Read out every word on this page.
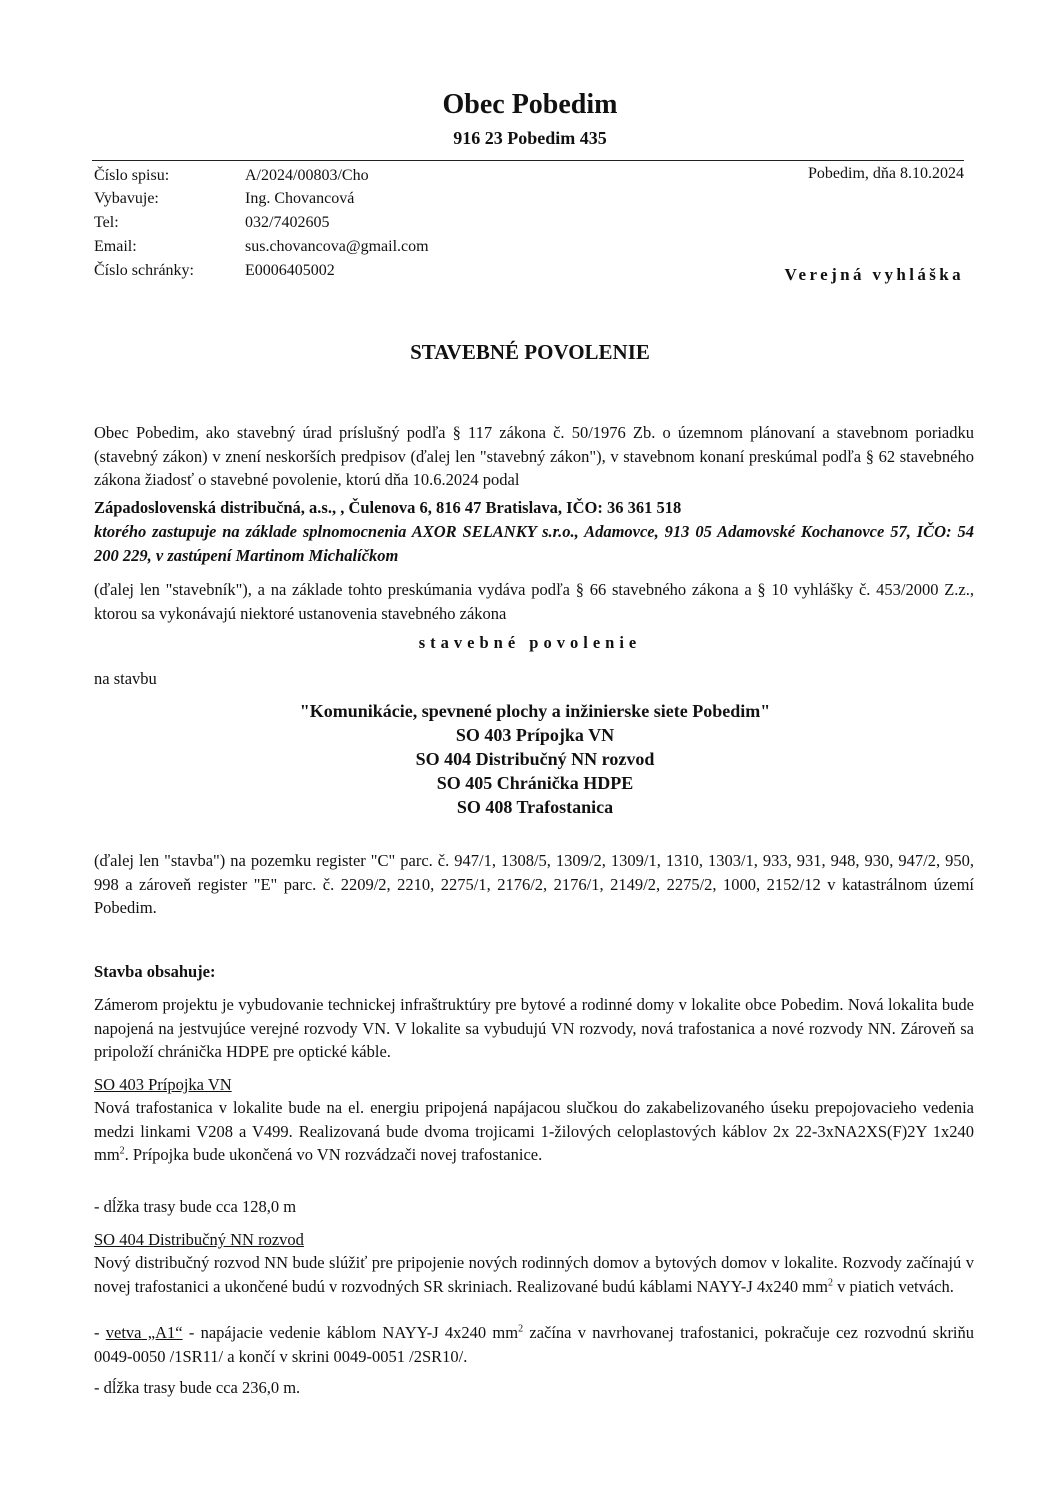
Obec Pobedim
916 23 Pobedim 435
Číslo spisu:	A/2024/00803/Cho
Vybavuje:	Ing. Chovancová
Tel:	032/7402605
Email:	sus.chovancova@gmail.com
Číslo schránky:	E0006405002
Pobedim, dňa 8.10.2024
Verejná vyhláška
STAVEBNÉ POVOLENIE
Obec Pobedim, ako stavebný úrad príslušný podľa § 117 zákona č. 50/1976 Zb. o územnom plánovaní a stavebnom poriadku (stavebný zákon) v znení neskorších predpisov (ďalej len "stavebný zákon"), v stavebnom konaní preskúmal podľa § 62 stavebného zákona žiadosť o stavebné povolenie, ktorú dňa 10.6.2024 podal
Západoslovenská distribučná, a.s., , Čulenova 6, 816 47 Bratislava, IČO: 36 361 518
ktorého zastupuje na základe splnomocnenia AXOR SELANKY s.r.o., Adamovce, 913 05 Adamovské Kochanovce 57, IČO: 54 200 229, v zastúpení Martinom Michalíčkom
(ďalej len "stavebník"), a na základe tohto preskúmania vydáva podľa § 66 stavebného zákona a § 10 vyhlášky č. 453/2000 Z.z., ktorou sa vykonávajú niektoré ustanovenia stavebného zákona
stavebné povolenie
na stavbu
"Komunikácie, spevnené plochy a inžinierske siete Pobedim"
SO 403 Prípojka VN
SO 404 Distribučný NN rozvod
SO 405 Chránička HDPE
SO 408 Trafostanica
(ďalej len "stavba") na pozemku register "C" parc. č. 947/1, 1308/5, 1309/2, 1309/1, 1310, 1303/1, 933, 931, 948, 930, 947/2, 950, 998 a zároveň register "E" parc. č. 2209/2, 2210, 2275/1, 2176/2, 2176/1, 2149/2, 2275/2, 1000, 2152/12 v katastrálnom území Pobedim.
Stavba obsahuje:
Zámerom projektu je vybudovanie technickej infraštruktúry pre bytové a rodinné domy v lokalite obce Pobedim. Nová lokalita bude napojená na jestvujúce verejné rozvody VN. V lokalite sa vybudujú VN rozvody, nová trafostanica a nové rozvody NN. Zároveň sa pripoloží chránička HDPE pre optické káble.
SO 403 Prípojka VN
Nová trafostanica v lokalite bude na el. energiu pripojená napájacou slučkou do zakabelizovaného úseku prepojovacieho vedenia medzi linkami V208 a V499. Realizovaná bude dvoma trojicami 1-žilových celoplastových káblov 2x 22-3xNA2XS(F)2Y 1x240 $mm^2$. Prípojka bude ukončená vo VN rozvádzači novej trafostanice.
- dĺžka trasy bude cca 128,0 m
SO 404 Distribučný NN rozvod
Nový distribučný rozvod NN bude slúžiť pre pripojenie nových rodinných domov a bytových domov v lokalite. Rozvody začínajú v novej trafostanici a ukončené budú v rozvodných SR skriniach. Realizované budú káblami NAYY-J 4x240 $mm^2$ v piatich vetvách.
- vetva „A1“ - napájacie vedenie káblom NAYY-J 4x240 $mm^2$ začína v navrhovanej trafostanici, pokračuje cez rozvodnú skriňu 0049-0050 /1SR11/ a končí v skrini 0049-0051 /2SR10/.
- dĺžka trasy bude cca 236,0 m.
